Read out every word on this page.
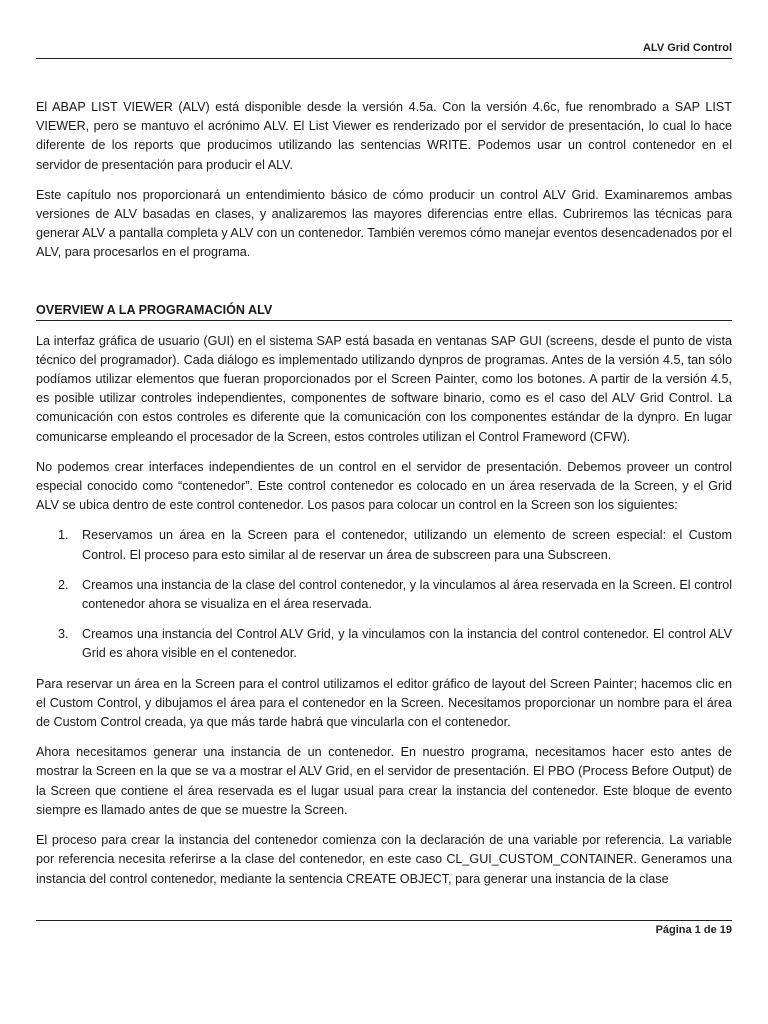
ALV Grid Control

El ABAP LIST VIEWER (ALV) está disponible desde la versión 4.5a. Con la versión 4.6c, fue renombrado a SAP LIST VIEWER, pero se mantuvo el acrónimo ALV. El List Viewer es renderizado por el servidor de presentación, lo cual lo hace diferente de los reports que producimos utilizando las sentencias WRITE. Podemos usar un control contenedor en el servidor de presentación para producir el ALV.

Este capítulo nos proporcionará un entendimiento básico de cómo producir un control ALV Grid. Examinaremos ambas versiones de ALV basadas en clases, y analizaremos las mayores diferencias entre ellas. Cubriremos las técnicas para generar ALV a pantalla completa y ALV con un contenedor. También veremos cómo manejar eventos desencadenados por el ALV, para procesarlos en el programa.

OVERVIEW A LA PROGRAMACIÓN ALV

La interfaz gráfica de usuario (GUI) en el sistema SAP está basada en ventanas SAP GUI (screens, desde el punto de vista técnico del programador). Cada diálogo es implementado utilizando dynpros de programas. Antes de la versión 4.5, tan sólo podíamos utilizar elementos que fueran proporcionados por el Screen Painter, como los botones. A partir de la versión 4.5, es posible utilizar controles independientes, componentes de software binario, como es el caso del ALV Grid Control. La comunicación con estos controles es diferente que la comunicación con los componentes estándar de la dynpro. En lugar comunicarse empleando el procesador de la Screen, estos controles utilizan el Control Frameword (CFW).

No podemos crear interfaces independientes de un control en el servidor de presentación. Debemos proveer un control especial conocido como “contenedor”. Este control contenedor es colocado en un área reservada de la Screen, y el Grid ALV se ubica dentro de este control contenedor. Los pasos para colocar un control en la Screen son los siguientes:

1.	Reservamos un área en la Screen para el contenedor, utilizando un elemento de screen especial: el Custom Control. El proceso para esto similar al de reservar un área de subscreen para una Subscreen.
2.	Creamos una instancia de la clase del control contenedor, y la vinculamos al área reservada en la Screen. El control contenedor ahora se visualiza en el área reservada.
3.	Creamos una instancia del Control ALV Grid, y la vinculamos con la instancia del control contenedor. El control ALV Grid es ahora visible en el contenedor.

Para reservar un área en la Screen para el control utilizamos el editor gráfico de layout del Screen Painter; hacemos clic en el Custom Control, y dibujamos el área para el contenedor en la Screen. Necesitamos proporcionar un nombre para el área de Custom Control creada, ya que más tarde habrá que vincularla con el contenedor.

Ahora necesitamos generar una instancia de un contenedor. En nuestro programa, necesitamos hacer esto antes de mostrar la Screen en la que se va a mostrar el ALV Grid, en el servidor de presentación. El PBO (Process Before Output) de la Screen que contiene el área reservada es el lugar usual para crear la instancia del contenedor. Este bloque de evento siempre es llamado antes de que se muestre la Screen.

El proceso para crear la instancia del contenedor comienza con la declaración de una variable por referencia. La variable por referencia necesita referirse a la clase del contenedor, en este caso CL_GUI_CUSTOM_CONTAINER. Generamos una instancia del control contenedor, mediante la sentencia CREATE OBJECT, para generar una instancia de la clase

Página 1 de 19
